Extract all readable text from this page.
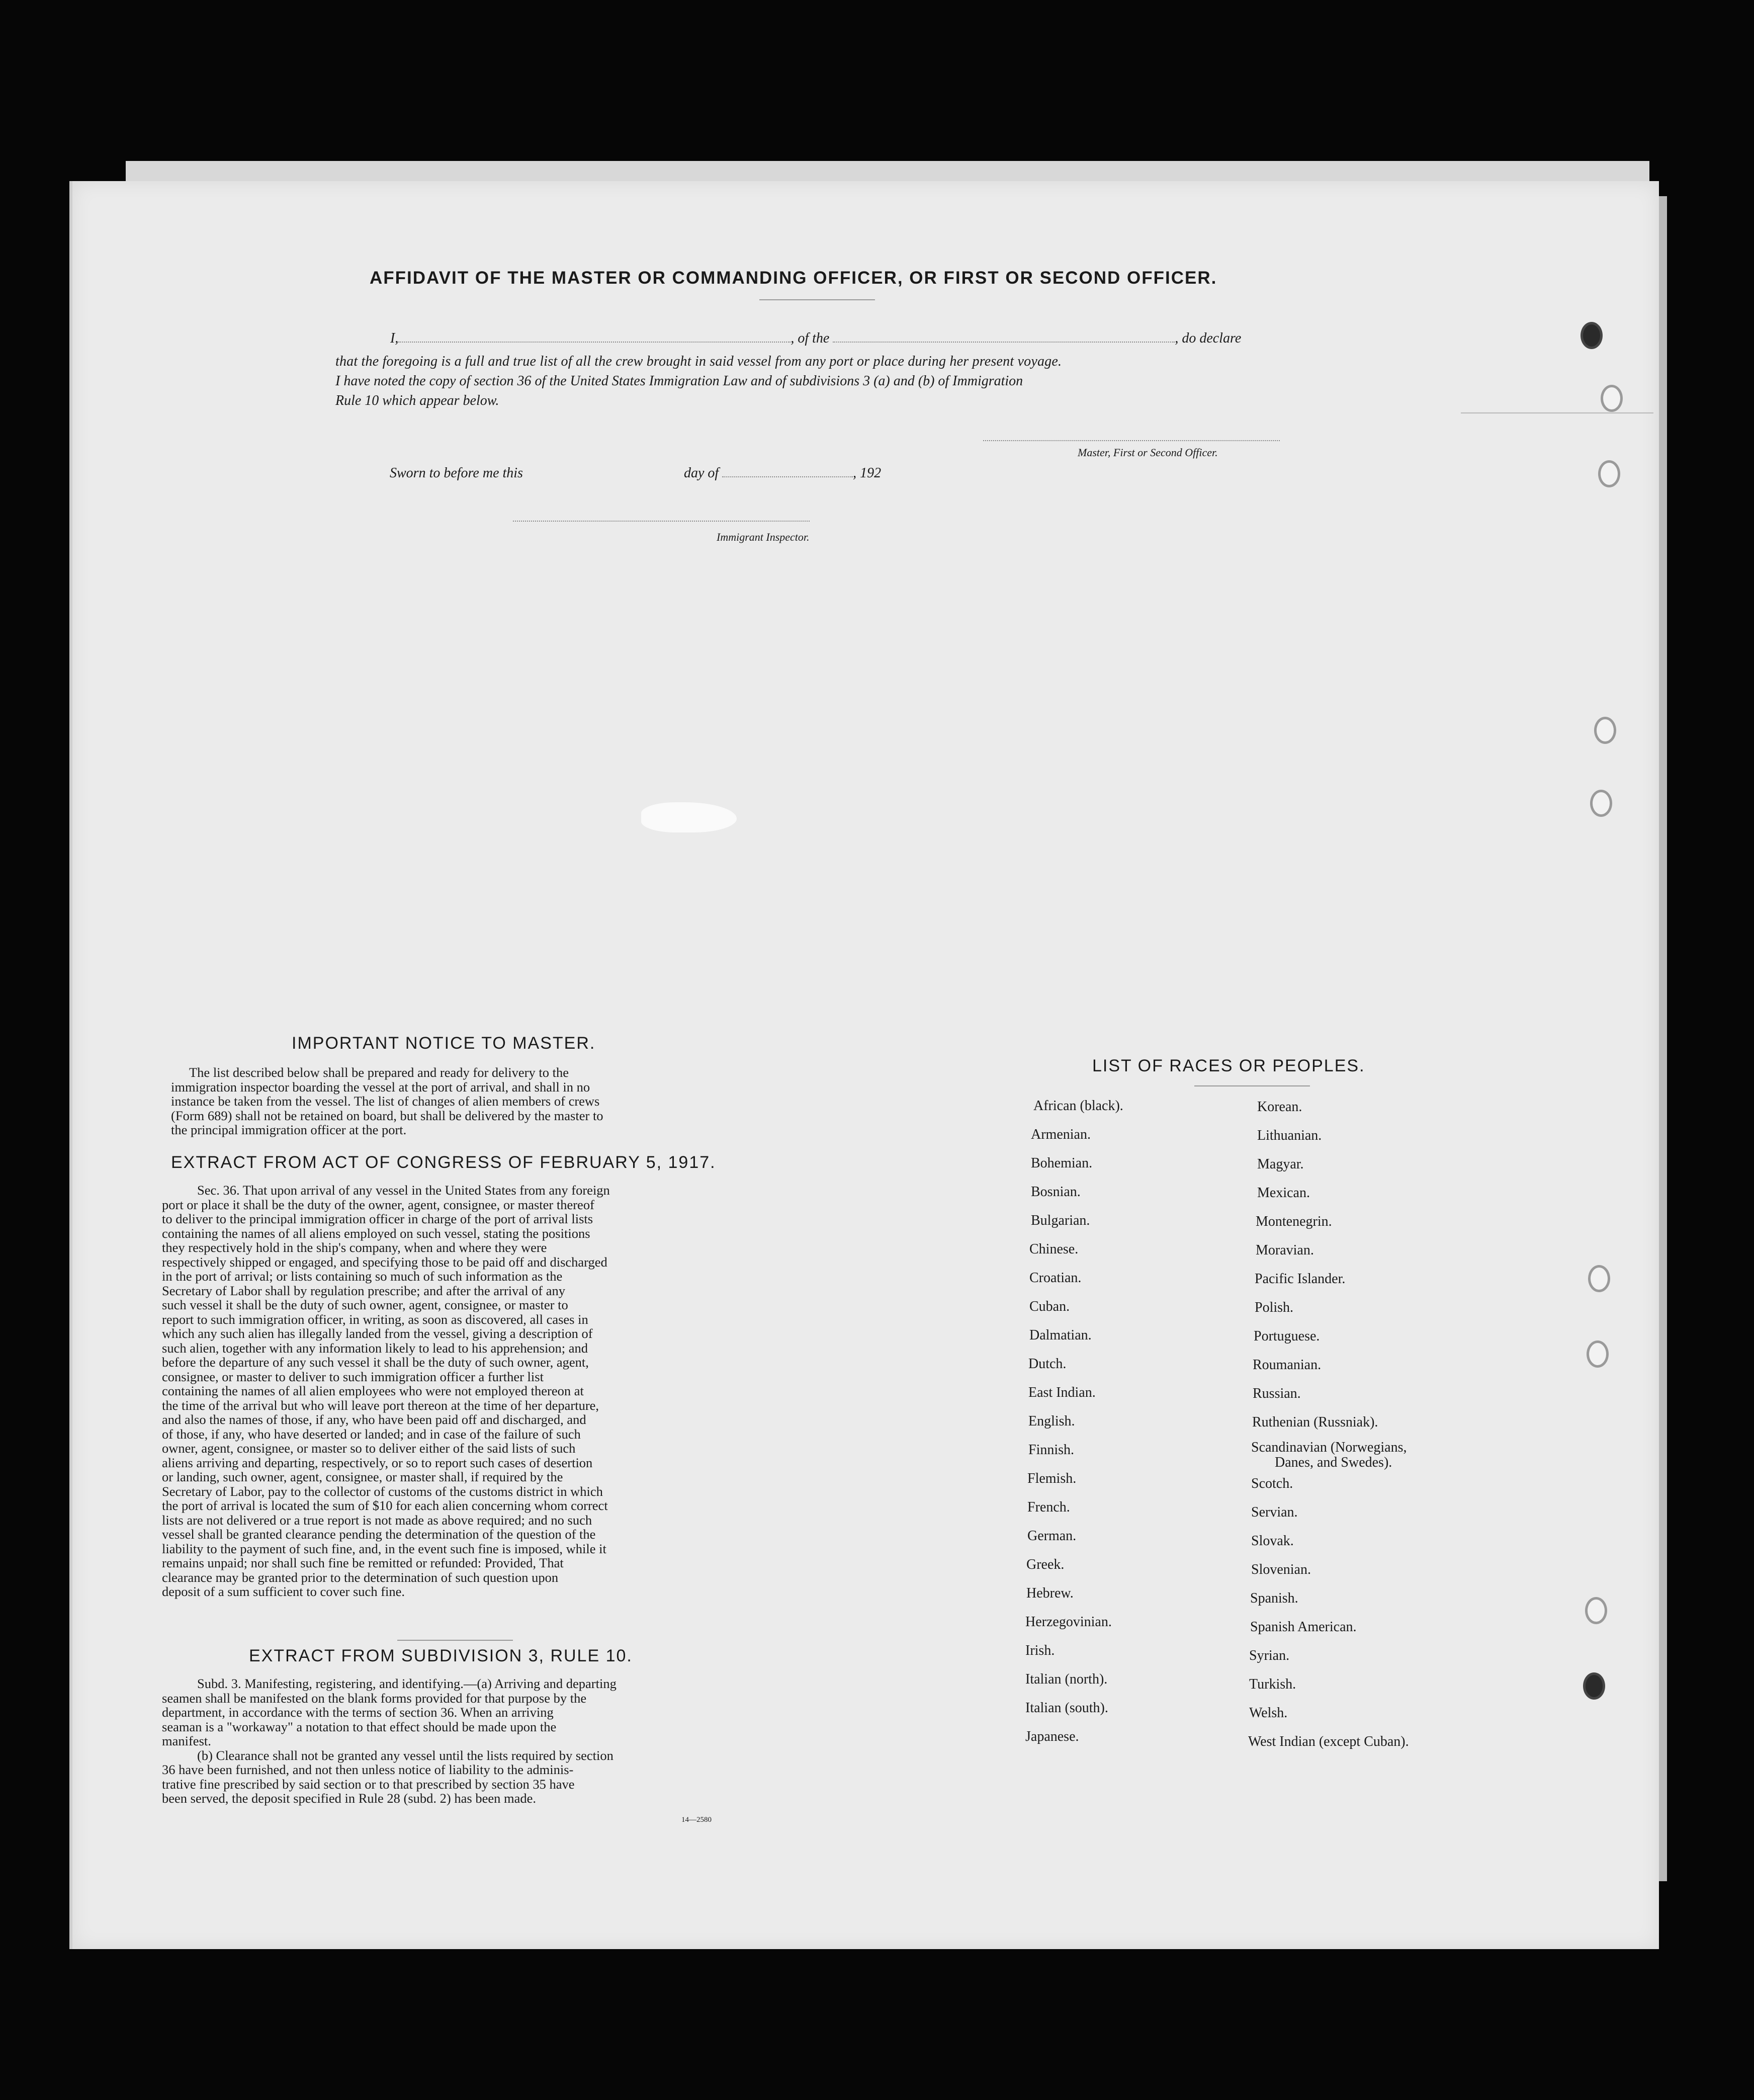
AFFIDAVIT OF THE MASTER OR COMMANDING OFFICER, OR FIRST OR SECOND OFFICER.
I,	, of the	, do declare
that the foregoing is a full and true list of all the crew brought in said vessel from any port or place during her present voyage.
I have noted the copy of section 36 of the United States Immigration Law and of subdivisions 3 (a) and (b) of Immigration
Rule 10 which appear below.
Master, First or Second Officer.
Sworn to before me this	day of	, 192
Immigrant Inspector.
IMPORTANT NOTICE TO MASTER.
The list described below shall be prepared and ready for delivery to the
immigration inspector boarding the vessel at the port of arrival, and shall in no
instance be taken from the vessel. The list of changes of alien members of crews
(Form 689) shall not be retained on board, but shall be delivered by the master to
the principal immigration officer at the port.
EXTRACT FROM ACT OF CONGRESS OF FEBRUARY 5, 1917.
Sec. 36. That upon arrival of any vessel in the United States from any foreign
port or place it shall be the duty of the owner, agent, consignee, or master thereof
to deliver to the principal immigration officer in charge of the port of arrival lists
containing the names of all aliens employed on such vessel, stating the positions
they respectively hold in the ship's company, when and where they were
respectively shipped or engaged, and specifying those to be paid off and discharged
in the port of arrival; or lists containing so much of such information as the
Secretary of Labor shall by regulation prescribe; and after the arrival of any
such vessel it shall be the duty of such owner, agent, consignee, or master to
report to such immigration officer, in writing, as soon as discovered, all cases in
which any such alien has illegally landed from the vessel, giving a description of
such alien, together with any information likely to lead to his apprehension; and
before the departure of any such vessel it shall be the duty of such owner, agent,
consignee, or master to deliver to such immigration officer a further list
containing the names of all alien employees who were not employed thereon at
the time of the arrival but who will leave port thereon at the time of her departure,
and also the names of those, if any, who have been paid off and discharged, and
of those, if any, who have deserted or landed; and in case of the failure of such
owner, agent, consignee, or master so to deliver either of the said lists of such
aliens arriving and departing, respectively, or so to report such cases of desertion
or landing, such owner, agent, consignee, or master shall, if required by the
Secretary of Labor, pay to the collector of customs of the customs district in which
the port of arrival is located the sum of $10 for each alien concerning whom correct
lists are not delivered or a true report is not made as above required; and no such
vessel shall be granted clearance pending the determination of the question of the
liability to the payment of such fine, and, in the event such fine is imposed, while it
remains unpaid; nor shall such fine be remitted or refunded: Provided, That
clearance may be granted prior to the determination of such question upon
deposit of a sum sufficient to cover such fine.
EXTRACT FROM SUBDIVISION 3, RULE 10.
Subd. 3. Manifesting, registering, and identifying.—(a) Arriving and departing
seamen shall be manifested on the blank forms provided for that purpose by the
department, in accordance with the terms of section 36. When an arriving
seaman is a "workaway" a notation to that effect should be made upon the
manifest.
(b) Clearance shall not be granted any vessel until the lists required by section
36 have been furnished, and not then unless notice of liability to the adminis-
trative fine prescribed by said section or to that prescribed by section 35 have
been served, the deposit specified in Rule 28 (subd. 2) has been made.
14—2580
LIST OF RACES OR PEOPLES.
African (black).
Armenian.
Bohemian.
Bosnian.
Bulgarian.
Chinese.
Croatian.
Cuban.
Dalmatian.
Dutch.
East Indian.
English.
Finnish.
Flemish.
French.
German.
Greek.
Hebrew.
Herzegovinian.
Irish.
Italian (north).
Italian (south).
Japanese.
Korean.
Lithuanian.
Magyar.
Mexican.
Montenegrin.
Moravian.
Pacific Islander.
Polish.
Portuguese.
Roumanian.
Russian.
Ruthenian (Russniak).
Scandinavian (Norwegians,
Danes, and Swedes).
Scotch.
Servian.
Slovak.
Slovenian.
Spanish.
Spanish American.
Syrian.
Turkish.
Welsh.
West Indian (except Cuban).
